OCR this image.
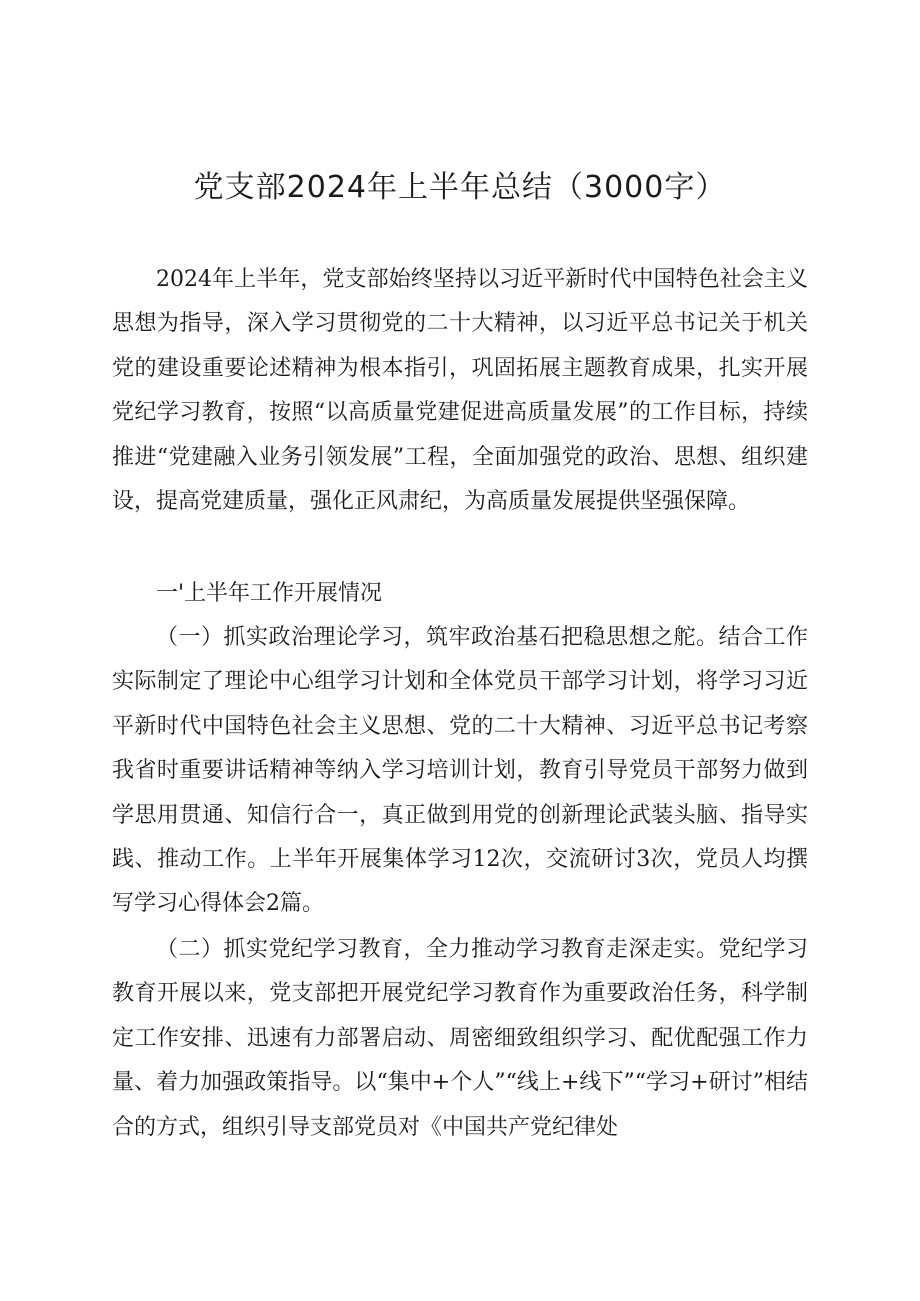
党支部2024年上半年总结（3000字）

2024年上半年，党支部始终坚持以习近平新时代中国特色社会主义思想为指导，深入学习贯彻党的二十大精神，以习近平总书记关于机关党的建设重要论述精神为根本指引，巩固拓展主题教育成果，扎实开展党纪学习教育，按照“以高质量党建促进高质量发展”的工作目标，持续推进“党建融入业务引领发展”工程，全面加强党的政治、思想、组织建设，提高党建质量，强化正风肃纪，为高质量发展提供坚强保障。

一'上半年工作开展情况

（一）抓实政治理论学习，筑牢政治基石把稳思想之舵。结合工作实际制定了理论中心组学习计划和全体党员干部学习计划，将学习习近平新时代中国特色社会主义思想、党的二十大精神、习近平总书记考察我省时重要讲话精神等纳入学习培训计划，教育引导党员干部努力做到学思用贯通、知信行合一，真正做到用党的创新理论武装头脑、指导实践、推动工作。上半年开展集体学习12次，交流研讨3次，党员人均撰写学习心得体会2篇。

（二）抓实党纪学习教育，全力推动学习教育走深走实。党纪学习教育开展以来，党支部把开展党纪学习教育作为重要政治任务，科学制定工作安排、迅速有力部署启动、周密细致组织学习、配优配强工作力量、着力加强政策指导。以“集中+个人”“线上+线下”“学习+研讨”相结合的方式，组织引导支部党员对《中国共产党纪律处
